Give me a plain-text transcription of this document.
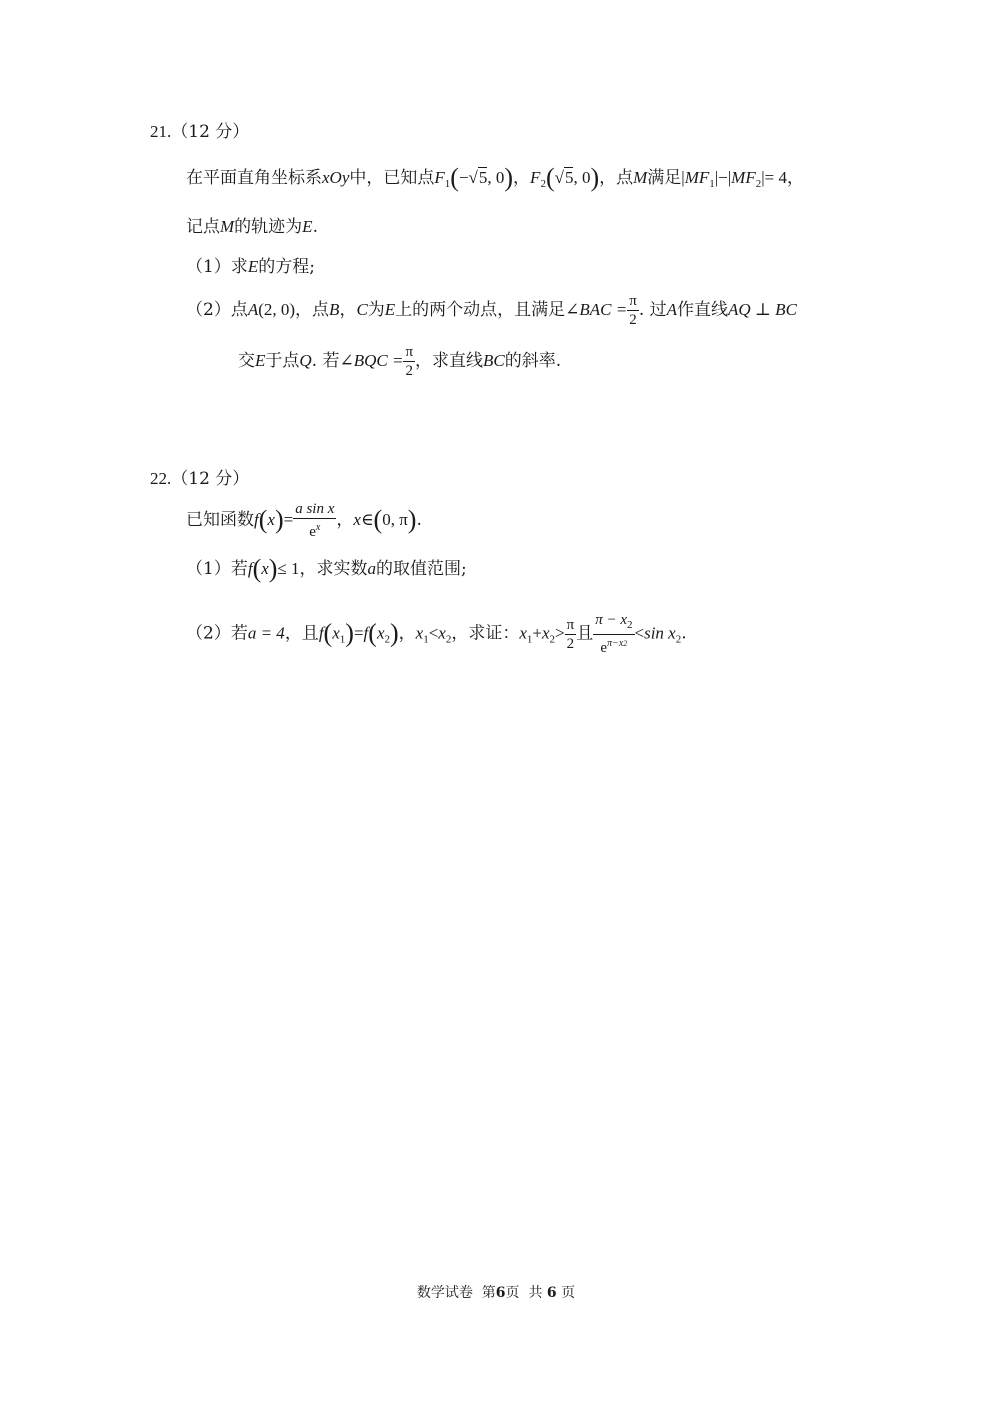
21.（12 分）
在平面直角坐标系xOy中，已知点$F_1(-√5$, 0)，$F_2(√5$, 0)，点M满足$|MF_1|-|MF_2|= 4$，
记点M的轨迹为E.
（1）求E的方程;
（2）点A(2, 0)，点B，C为E上的两个动点，且满足∠BAC = $\frac{\pi}{2}$ . 过A作直线AQ ⊥ BC
交E于点Q. 若∠BQC = $\frac{\pi}{2}$ ，求直线BC的斜率.
22.（12 分）
已知函数$f(x)= \frac{\text{a sin x}}{e^x}$ ，x∈(0, π).
（1）若f(x)≤ 1，求实数a的取值范围;
（2）若a = 4，且$f(x_1)=f(x_2)$，$x_1<x_2$，求证：$x_1+x_2> \frac{\pi}{2}$ 且 $\frac{\pi - x_2}{e^{\pi-x2}} <\sin$ $x_2$.
数学试卷 第6页 共 6 页
